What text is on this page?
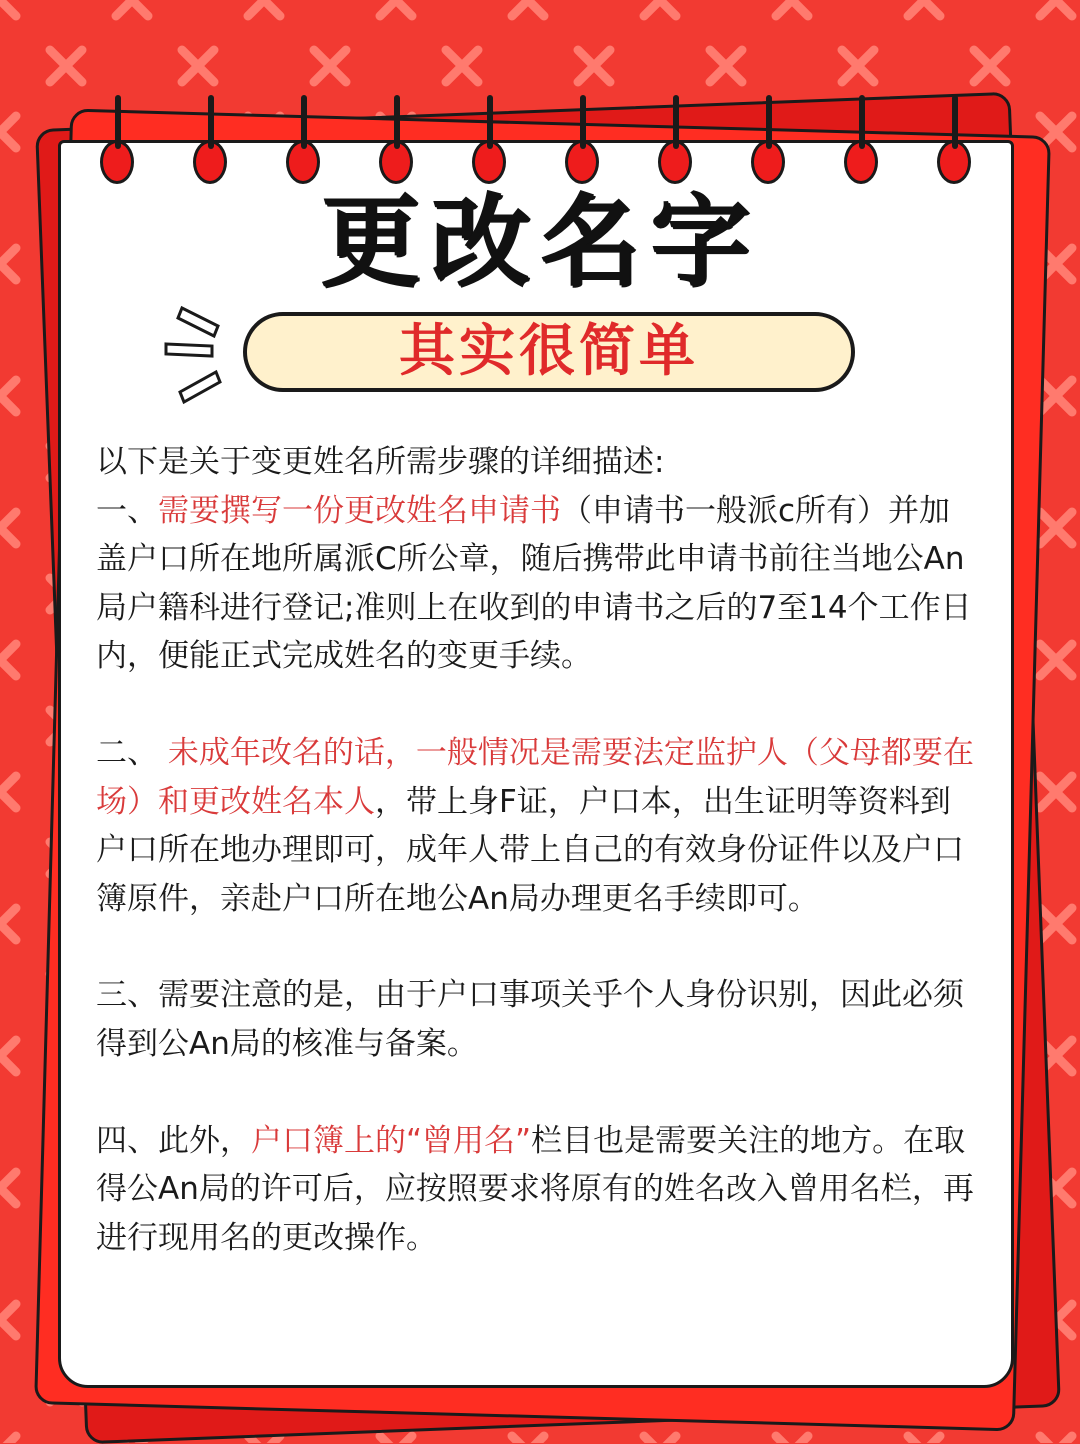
更改名字
其实很简单

以下是关于变更姓名所需步骤的详细描述:

一、需要撰写一份更改姓名申请书（申请书一般派c所有）并加盖户口所在地所属派C所公章，随后携带此申请书前往当地公An局户籍科进行登记;准则上在收到的申请书之后的7至14个工作日内，便能正式完成姓名的变更手续。

二、 未成年改名的话，一般情况是需要法定监护人（父母都要在场）和更改姓名本人，带上身F证，户口本，出生证明等资料到户口所在地办理即可，成年人带上自己的有效身份证件以及户口簿原件，亲赴户口所在地公An局办理更名手续即可。

三、需要注意的是，由于户口事项关乎个人身份识别，因此必须得到公An局的核准与备案。

四、此外，户口簿上的“曾用名”栏目也是需要关注的地方。在取得公An局的许可后，应按照要求将原有的姓名改入曾用名栏，再进行现用名的更改操作。
